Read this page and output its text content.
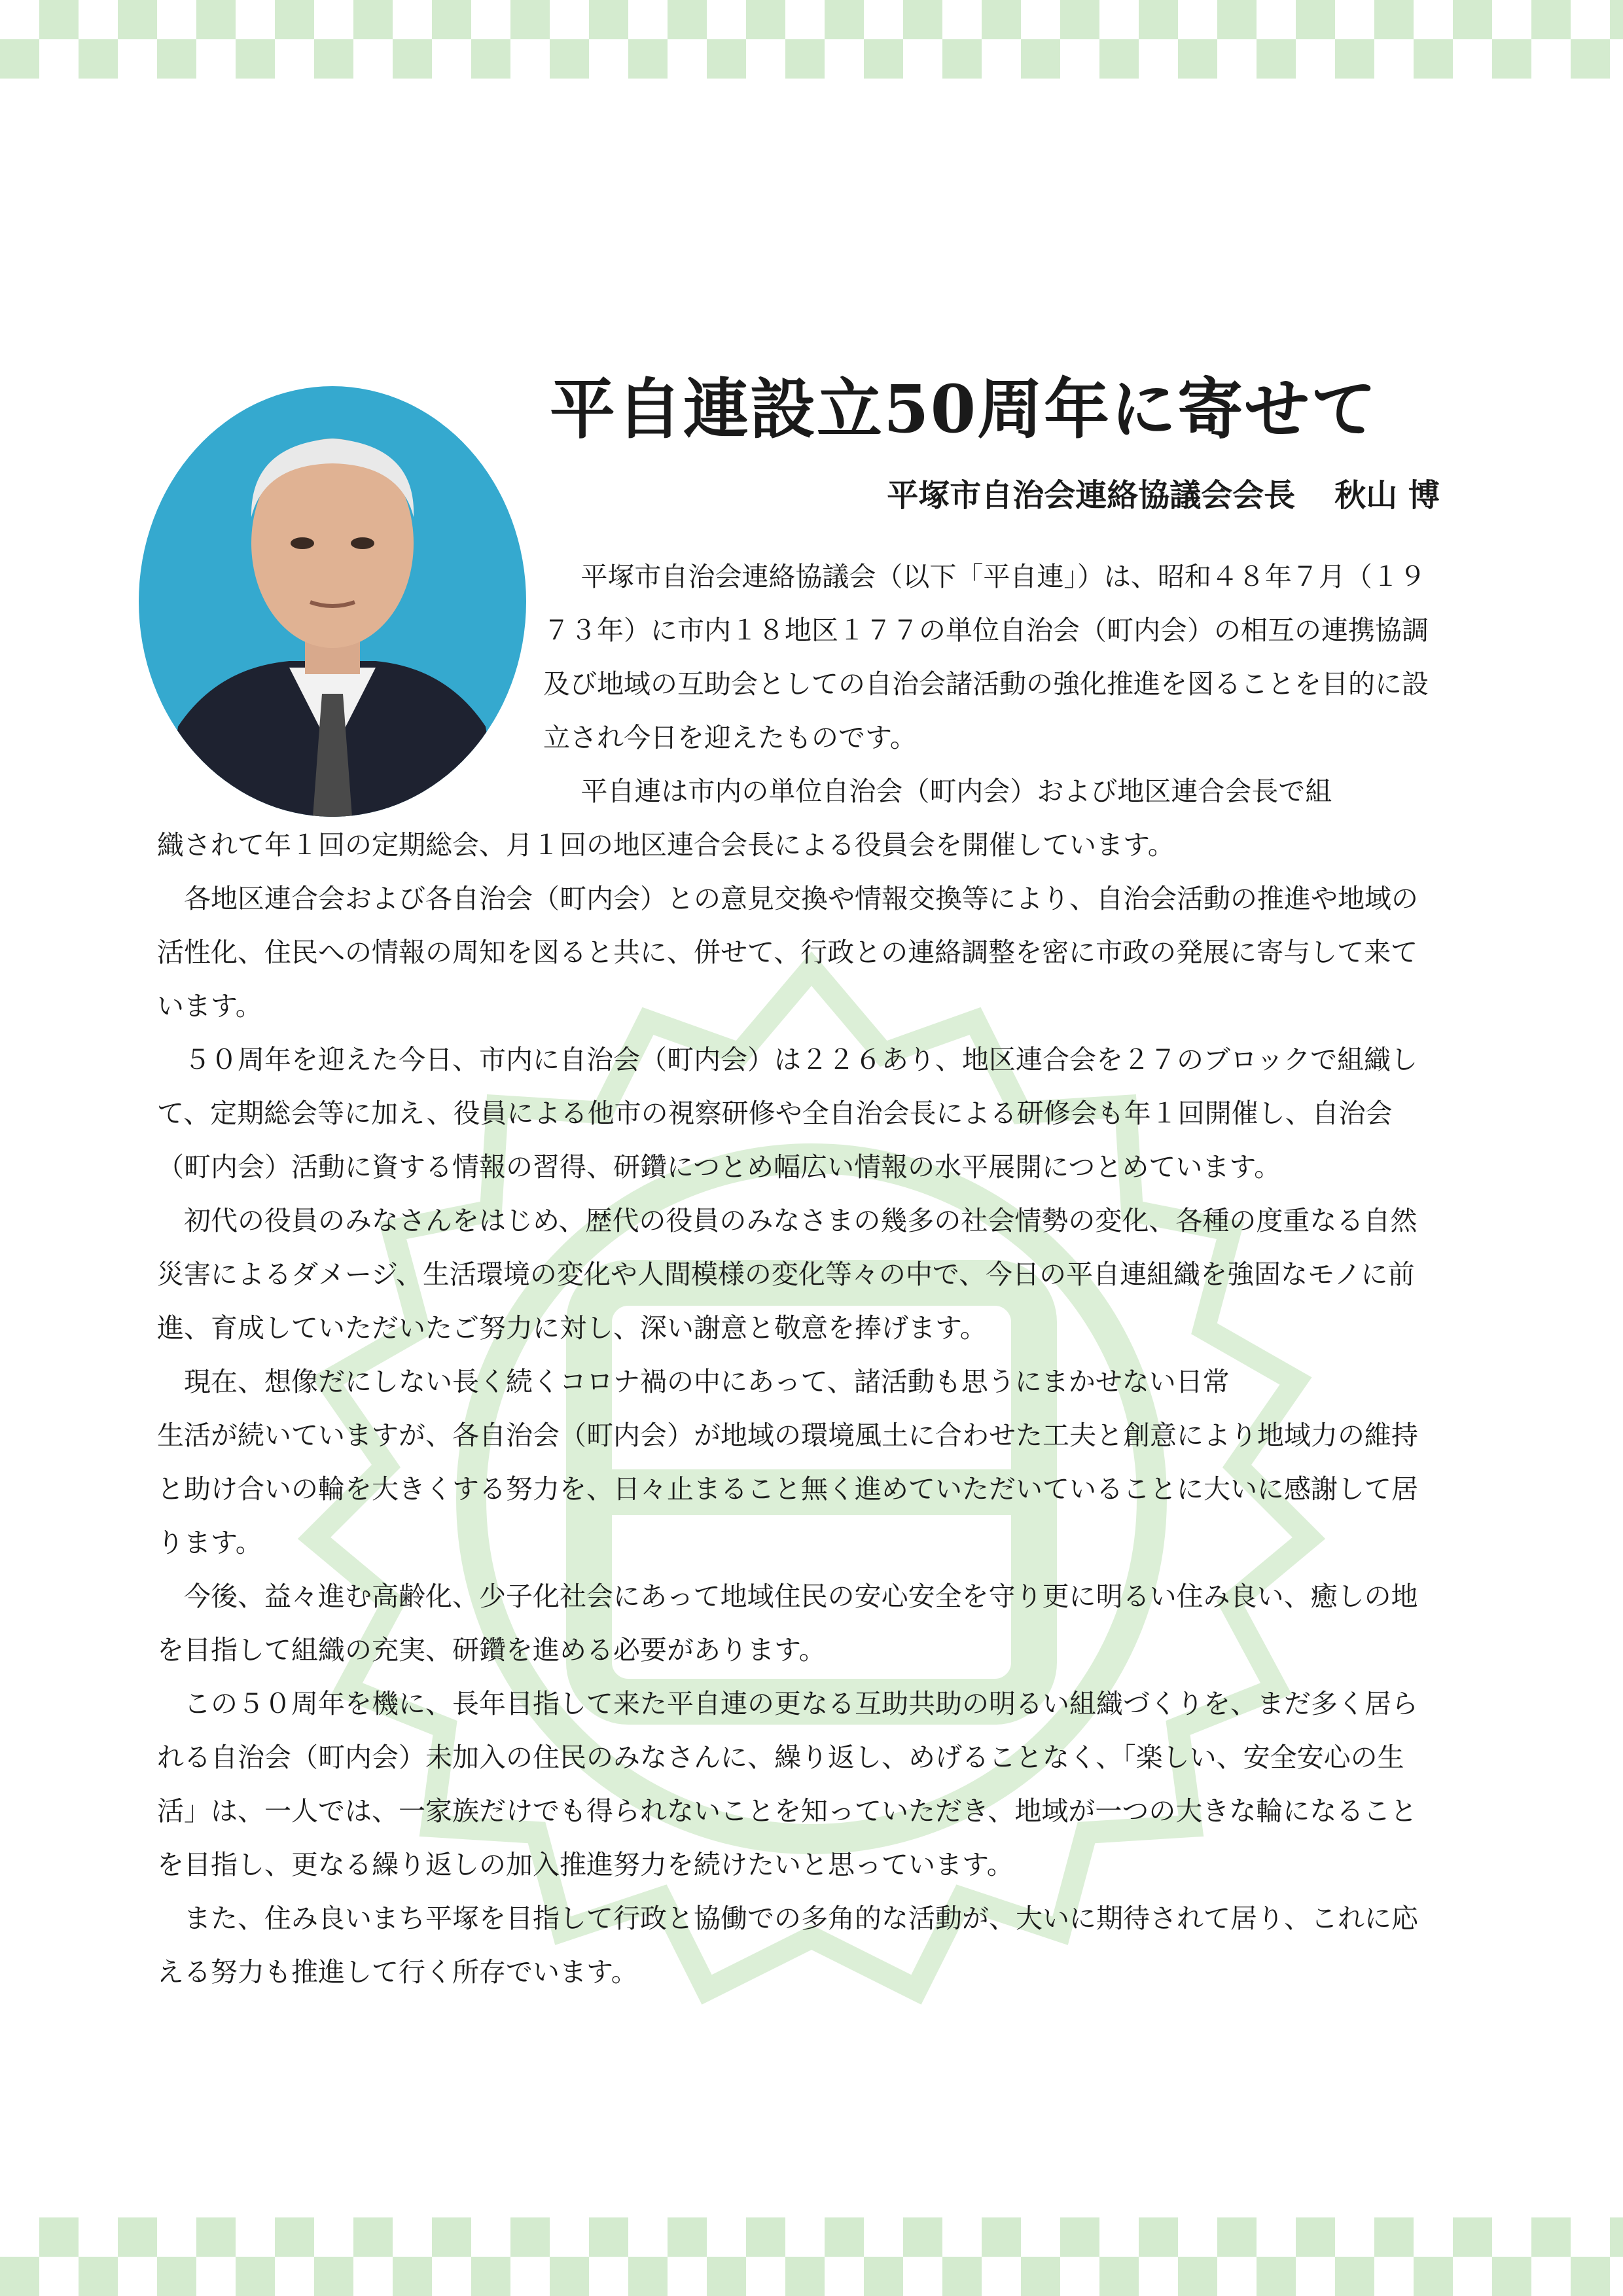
平自連設立50周年に寄せて
平塚市自治会連絡協議会会長 秋山 博

平塚市自治会連絡協議会（以下「平自連」）は、昭和４８年７月（１９７３年）に市内１８地区１７７の単位自治会（町内会）の相互の連携協調及び地域の互助会としての自治会諸活動の強化推進を図ることを目的に設立され今日を迎えたものです。

平自連は市内の単位自治会（町内会）および地区連合会長で組

織されて年１回の定期総会、月１回の地区連合会長による役員会を開催しています。

各地区連合会および各自治会（町内会）との意見交換や情報交換等により、自治会活動の推進や地域の活性化、住民への情報の周知を図ると共に、併せて、行政との連絡調整を密に市政の発展に寄与して来ています。

５０周年を迎えた今日、市内に自治会（町内会）は２２６あり、地区連合会を２７のブロックで組織して、定期総会等に加え、役員による他市の視察研修や全自治会長による研修会も年１回開催し、自治会（町内会）活動に資する情報の習得、研鑽につとめ幅広い情報の水平展開につとめています。

初代の役員のみなさんをはじめ、歴代の役員のみなさまの幾多の社会情勢の変化、各種の度重なる自然災害によるダメージ、生活環境の変化や人間模様の変化等々の中で、今日の平自連組織を強固なモノに前進、育成していただいたご努力に対し、深い謝意と敬意を捧げます。

現在、想像だにしない長く続くコロナ禍の中にあって、諸活動も思うにまかせない日常

生活が続いていますが、各自治会（町内会）が地域の環境風土に合わせた工夫と創意により地域力の維持と助け合いの輪を大きくする努力を、日々止まること無く進めていただいていることに大いに感謝して居ります。

今後、益々進む高齢化、少子化社会にあって地域住民の安心安全を守り更に明るい住み良い、癒しの地を目指して組織の充実、研鑽を進める必要があります。

この５０周年を機に、長年目指して来た平自連の更なる互助共助の明るい組織づくりを、まだ多く居られる自治会（町内会）未加入の住民のみなさんに、繰り返し、めげることなく、「楽しい、安全安心の生活」は、一人では、一家族だけでも得られないことを知っていただき、地域が一つの大きな輪になることを目指し、更なる繰り返しの加入推進努力を続けたいと思っています。

また、住み良いまち平塚を目指して行政と協働での多角的な活動が、大いに期待されて居り、これに応える努力も推進して行く所存でいます。
